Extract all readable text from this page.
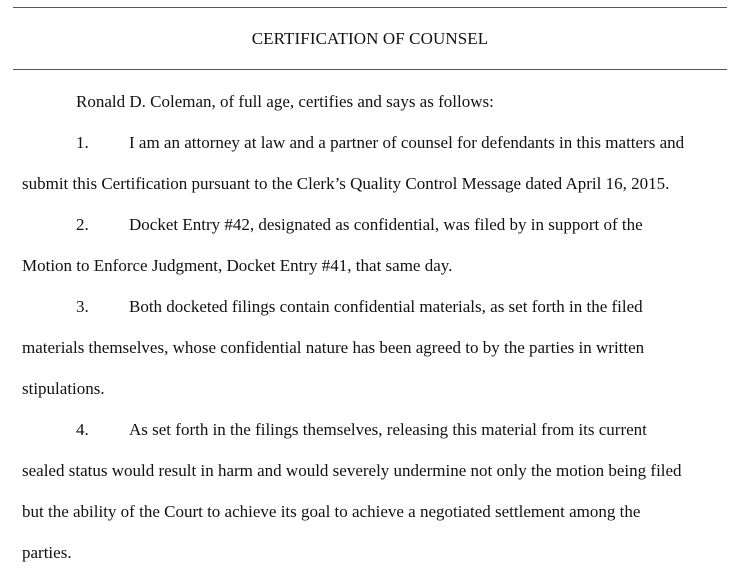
CERTIFICATION OF COUNSEL
Ronald D. Coleman, of full age, certifies and says as follows:
1. I am an attorney at law and a partner of counsel for defendants in this matters and
submit this Certification pursuant to the Clerk’s Quality Control Message dated April 16, 2015.
2. Docket Entry #42, designated as confidential, was filed by in support of the
Motion to Enforce Judgment, Docket Entry #41, that same day.
3. Both docketed filings contain confidential materials, as set forth in the filed
materials themselves, whose confidential nature has been agreed to by the parties in written
stipulations.
4. As set forth in the filings themselves, releasing this material from its current
sealed status would result in harm and would severely undermine not only the motion being filed
but the ability of the Court to achieve its goal to achieve a negotiated settlement among the
parties.
